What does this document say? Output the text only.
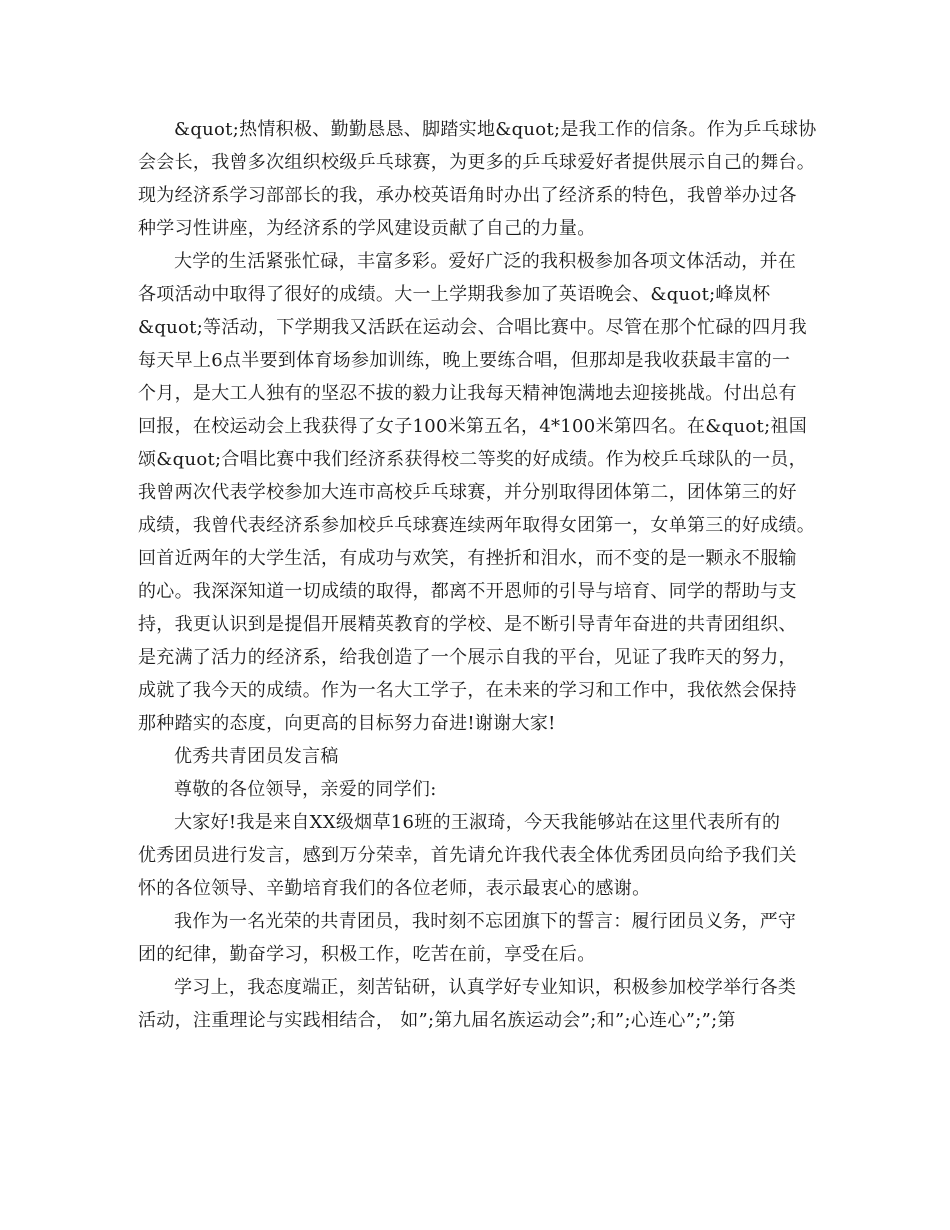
&quot;热情积极、勤勤恳恳、脚踏实地&quot;是我工作的信条。作为乒乓球协
会会长，我曾多次组织校级乒乓球赛，为更多的乒乓球爱好者提供展示自己的舞台。
现为经济系学习部部长的我，承办校英语角时办出了经济系的特色，我曾举办过各
种学习性讲座，为经济系的学风建设贡献了自己的力量。
大学的生活紧张忙碌，丰富多彩。爱好广泛的我积极参加各项文体活动，并在
各项活动中取得了很好的成绩。大一上学期我参加了英语晚会、&quot;峰岚杯
&quot;等活动，下学期我又活跃在运动会、合唱比赛中。尽管在那个忙碌的四月我
每天早上6点半要到体育场参加训练，晚上要练合唱，但那却是我收获最丰富的一
个月，是大工人独有的坚忍不拔的毅力让我每天精神饱满地去迎接挑战。付出总有
回报，在校运动会上我获得了女子100米第五名，4*100米第四名。在&quot;祖国
颂&quot;合唱比赛中我们经济系获得校二等奖的好成绩。作为校乒乓球队的一员，
我曾两次代表学校参加大连市高校乒乓球赛，并分别取得团体第二，团体第三的好
成绩，我曾代表经济系参加校乒乓球赛连续两年取得女团第一，女单第三的好成绩。
回首近两年的大学生活，有成功与欢笑，有挫折和泪水，而不变的是一颗永不服输
的心。我深深知道一切成绩的取得，都离不开恩师的引导与培育、同学的帮助与支
持，我更认识到是提倡开展精英教育的学校、是不断引导青年奋进的共青团组织、
是充满了活力的经济系，给我创造了一个展示自我的平台，见证了我昨天的努力，
成就了我今天的成绩。作为一名大工学子，在未来的学习和工作中，我依然会保持
那种踏实的态度，向更高的目标努力奋进!谢谢大家!
优秀共青团员发言稿
尊敬的各位领导，亲爱的同学们:
大家好!我是来自XX级烟草16班的王淑琦，今天我能够站在这里代表所有的
优秀团员进行发言，感到万分荣幸，首先请允许我代表全体优秀团员向给予我们关
怀的各位领导、辛勤培育我们的各位老师，表示最衷心的感谢。
我作为一名光荣的共青团员，我时刻不忘团旗下的誓言：履行团员义务，严守
团的纪律，勤奋学习，积极工作，吃苦在前，享受在后。
学习上，我态度端正，刻苦钻研，认真学好专业知识，积极参加校学举行各类
活动，注重理论与实践相结合， 如”;第九届名族运动会”;和”;心连心”;”;第
